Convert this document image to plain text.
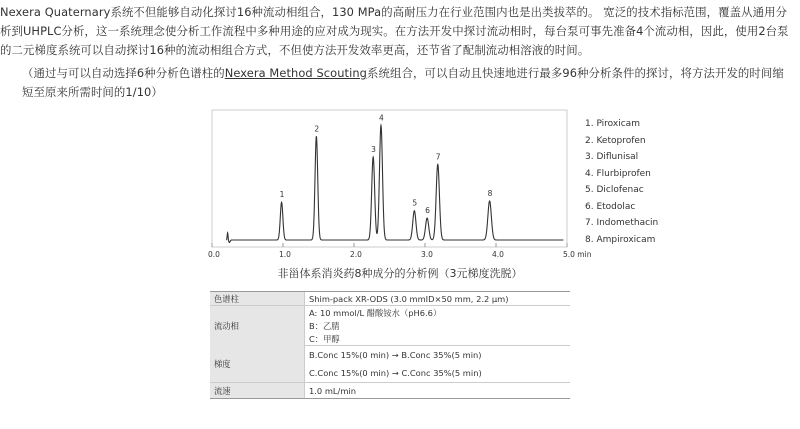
Nexera Quaternary系统不但能够自动化探讨16种流动相组合，130 MPa的高耐压力在行业范围内也是出类拔萃的。 宽泛的技术指标范围，覆盖从通用分析到UHPLC分析，这一系统理念使分析工作流程中多种用途的应对成为现实。在方法开发中探讨流动相时，每台泵可事先准备4个流动相，因此，使用2台泵的二元梯度系统可以自动探讨16种的流动相组合方式，不但使方法开发效率更高，还节省了配制流动相溶液的时间。
（通过与可以自动选择6种分析色谱柱的Nexera Method Scouting系统组合，可以自动且快速地进行最多96种分析条件的探讨，将方法开发的时间缩短至原来所需时间的1/10）
0.0	1.0	2.0	3.0	4.0	5.0 min
1
2
3
4
5
6
7
8
1. Piroxicam
2. Ketoprofen
3. Diflunisal
4. Flurbiprofen
5. Diclofenac
6. Etodolac
7. Indomethacin
8. Ampiroxicam
非甾体系消炎药8种成分的分析例（3元梯度洗脱）
色谱柱	Shim-pack XR-ODS (3.0 mmID×50 mm, 2.2 μm)
流动相	A: 10 mmol/L 醋酸铵水（pH6.6）
	B：乙腈
	C：甲醇
梯度	B.Conc 15%(0 min) → B.Conc 35%(5 min)
	C.Conc 15%(0 min) → C.Conc 35%(5 min)
流速	1.0 mL/min
